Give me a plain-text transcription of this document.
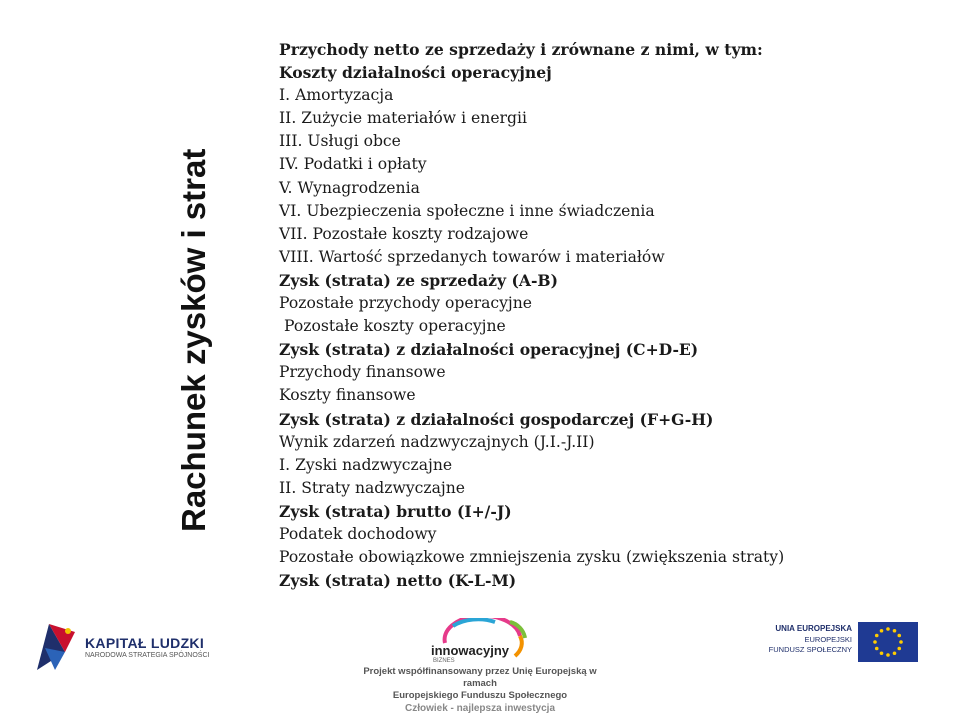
Rachunek zysków i strat
Przychody netto ze sprzedaży i zrównane z nimi, w tym:
Koszty działalności operacyjnej
I. Amortyzacja
II. Zużycie materiałów i energii
III. Usługi obce
IV. Podatki i opłaty
V. Wynagrodzenia
VI. Ubezpieczenia społeczne i inne świadczenia
VII. Pozostałe koszty rodzajowe
VIII. Wartość sprzedanych towarów i materiałów
Zysk (strata) ze sprzedaży (A-B)
Pozostałe przychody operacyjne
Pozostałe koszty operacyjne
Zysk (strata) z działalności operacyjnej (C+D-E)
Przychody finansowe
Koszty finansowe
Zysk (strata) z działalności gospodarczej (F+G-H)
Wynik zdarzeń nadzwyczajnych (J.I.-J.II)
I. Zyski nadzwyczajne
II. Straty nadzwyczajne
Zysk (strata) brutto (I+/-J)
Podatek dochodowy
Pozostałe obowiązkowe zmniejszenia zysku (zwiększenia straty)
Zysk (strata) netto (K-L-M)
KAPITAŁ LUDZKI
NARODOWA STRATEGIA SPÓJNOŚCI	innowacyjny
BIZNES
UNIA EUROPEJSKA
EUROPEJSKI
FUNDUSZ SPOŁECZNY
Projekt współfinansowany przez Unię Europejską w ramach
Europejskiego Funduszu Społecznego
Człowiek - najlepsza inwestycja
